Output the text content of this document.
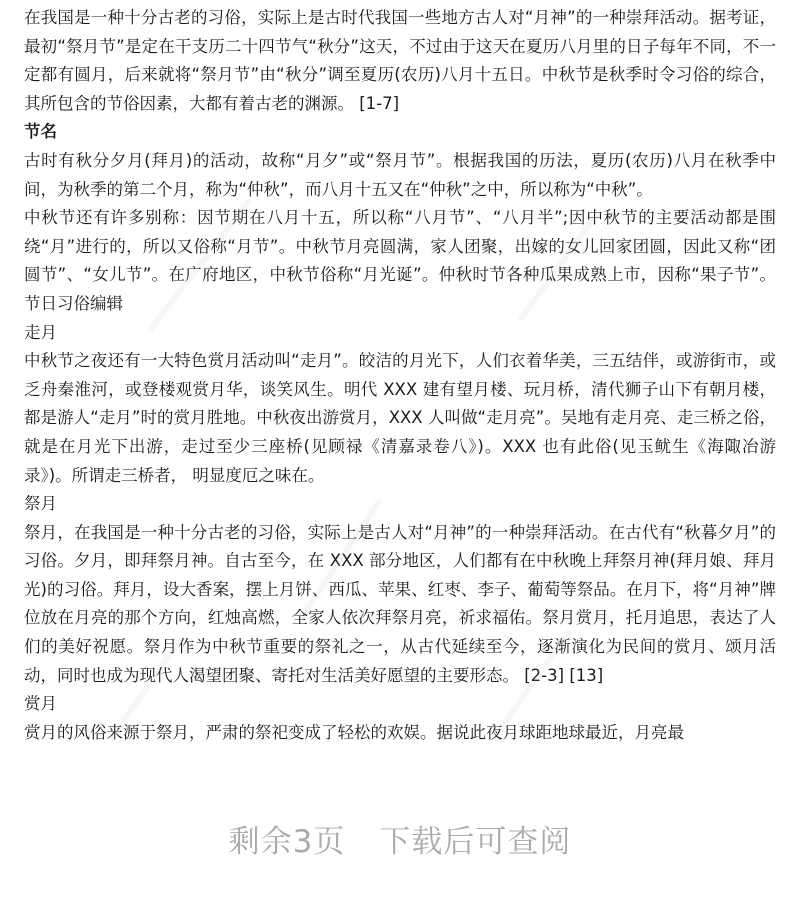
在我国是一种十分古老的习俗，实际上是古时代我国一些地方古人对“月神”的一种崇拜活动。据考证，最初“祭月节”是定在干支历二十四节气“秋分”这天，不过由于这天在夏历八月里的日子每年不同，不一定都有圆月，后来就将“祭月节”由“秋分”调至夏历(农历)八月十五日。中秋节是秋季时令习俗的综合，其所包含的节俗因素，大都有着古老的渊源。 [1-7]

节名

古时有秋分夕月(拜月)的活动，故称“月夕”或“祭月节”。根据我国的历法，夏历(农历)八月在秋季中间，为秋季的第二个月，称为“仲秋”，而八月十五又在“仲秋”之中，所以称为“中秋”。

中秋节还有许多别称：因节期在八月十五，所以称“八月节”、“八月半”;因中秋节的主要活动都是围绕“月”进行的，所以又俗称“月节”。中秋节月亮圆满，家人团聚，出嫁的女儿回家团圆，因此又称“团圆节”、“女儿节”。在广府地区，中秋节俗称“月光诞”。仲秋时节各种瓜果成熟上市，因称“果子节”。 节日习俗编辑

走月

中秋节之夜还有一大特色赏月活动叫“走月”。皎洁的月光下，人们衣着华美，三五结伴，或游街市，或乏舟秦淮河，或登楼观赏月华，谈笑风生。明代 XXX 建有望月楼、玩月桥，清代狮子山下有朝月楼，都是游人“走月”时的赏月胜地。中秋夜出游赏月，XXX 人叫做“走月亮”。吴地有走月亮、走三桥之俗，就是在月光下出游，走过至少三座桥(见顾禄《清嘉录卷八》)。XXX 也有此俗(见玉鱿生《海陬冶游录》)。所谓走三桥者， 明显度厄之味在。

祭月

祭月，在我国是一种十分古老的习俗，实际上是古人对“月神”的一种崇拜活动。在古代有“秋暮夕月”的习俗。夕月，即拜祭月神。自古至今，在 XXX 部分地区，人们都有在中秋晚上拜祭月神(拜月娘、拜月光)的习俗。拜月，设大香案，摆上月饼、西瓜、苹果、红枣、李子、葡萄等祭品。在月下，将“月神”牌位放在月亮的那个方向，红烛高燃，全家人依次拜祭月亮，祈求福佑。祭月赏月，托月追思，表达了人们的美好祝愿。祭月作为中秋节重要的祭礼之一，从古代延续至今，逐渐演化为民间的赏月、颂月活动，同时也成为现代人渴望团聚、寄托对生活美好愿望的主要形态。 [2-3] [13]

赏月

赏月的风俗来源于祭月，严肃的祭祀变成了轻松的欢娱。据说此夜月球距地球最近，月亮最

剩余3页 下载后可查阅
